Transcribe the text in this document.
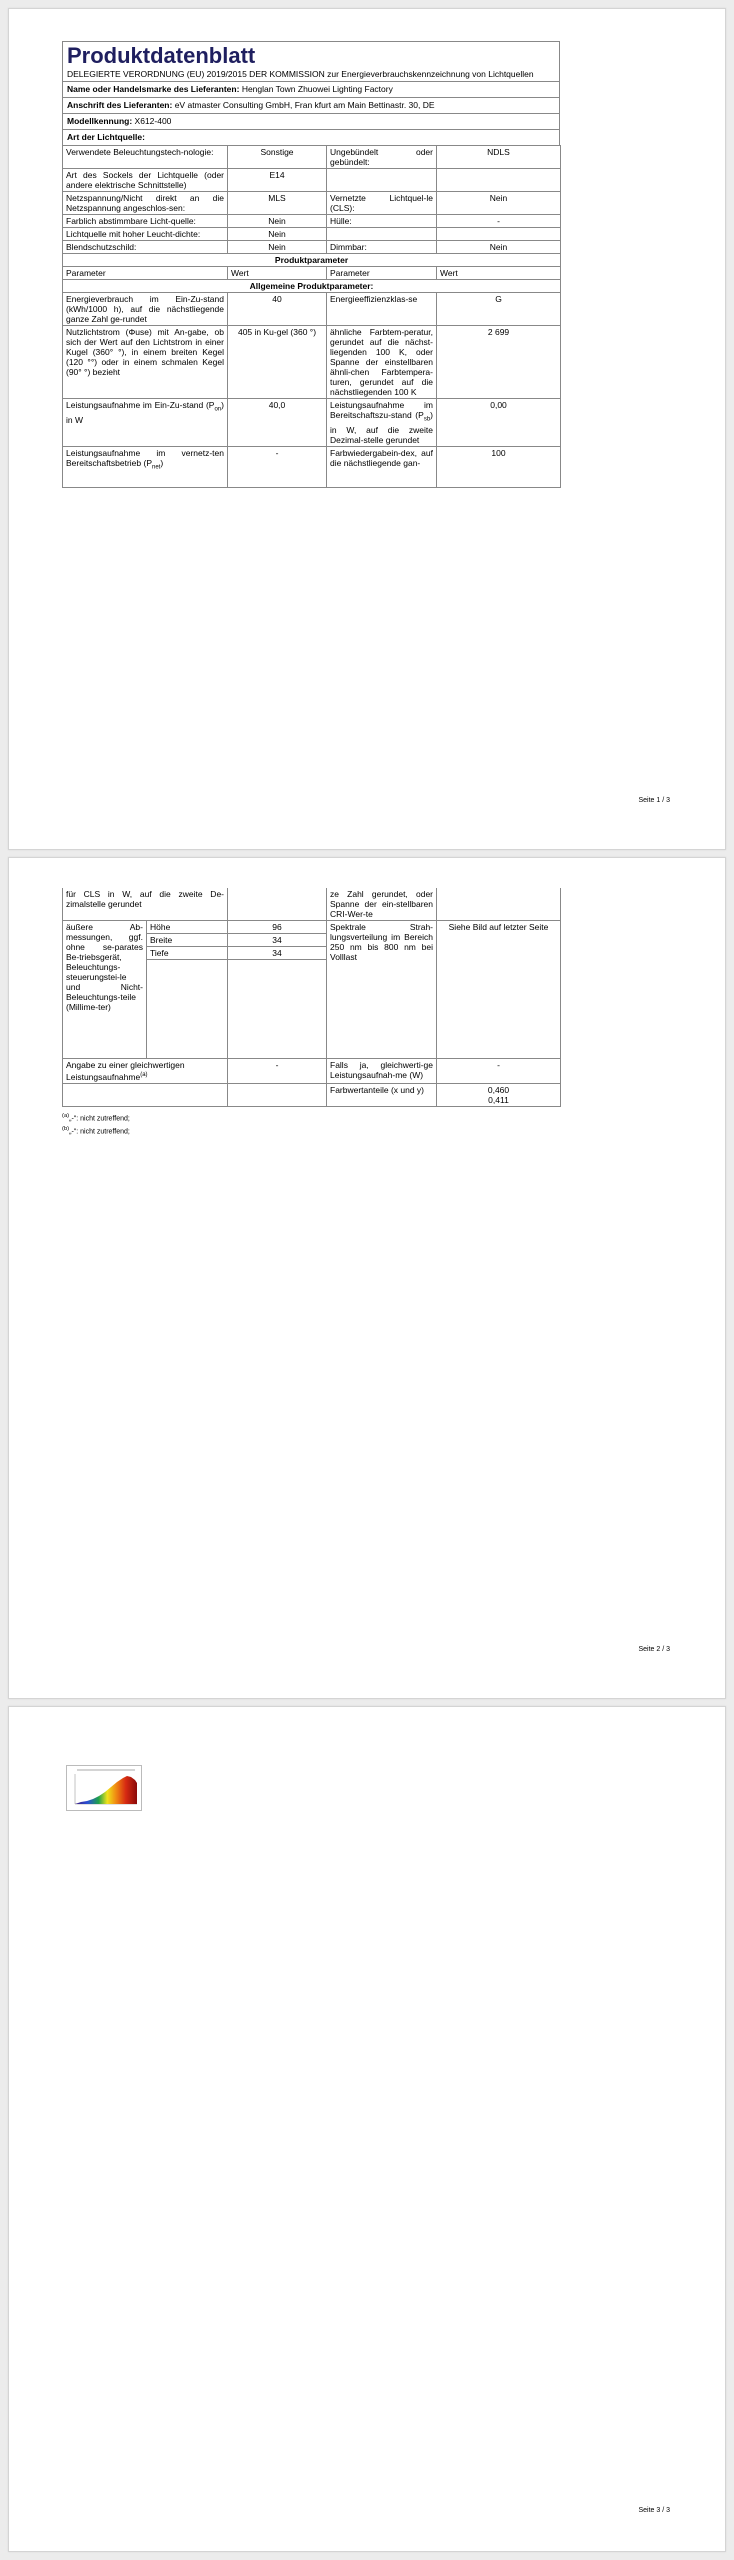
Produktdatenblatt
DELEGIERTE VERORDNUNG (EU) 2019/2015 DER KOMMISSION zur Energieverbrauchskennzeichnung von Lichtquellen
Name oder Handelsmarke des Lieferanten: Henglan Town Zhuowei Lighting Factory
Anschrift des Lieferanten: eV atmaster Consulting GmbH, Fran kfurt am Main Bettinastr. 30, DE
Modellkennung: X612-400
Art der Lichtquelle:
Verwendete Beleuchtungstech-nologie:	Sonstige	Ungebündelt oder gebündelt:	NDLS
Art des Sockels der Lichtquelle (oder andere elektrische Schnittstelle)	E14		
Netzspannung/Nicht direkt an die Netzspannung angeschlos-sen:	MLS	Vernetzte Lichtquel-le (CLS):	Nein
Farblich abstimmbare Licht-quelle:	Nein	Hülle:	-
Lichtquelle mit hoher Leucht-dichte:	Nein		
Blendschutzschild:	Nein	Dimmbar:	Nein
Produktparameter			
Parameter	Wert	Parameter	Wert
Allgemeine Produktparameter:			
Energieverbrauch im Ein-Zu-stand (kWh/1000 h), auf die nächstliegende ganze Zahl ge-rundet	40	Energieeffizienzklas-se	G
Nutzlichtstrom (Φuse) mit An-gabe, ob sich der Wert auf den Lichtstrom in einer Kugel (360° °), in einem breiten Kegel (120 °°) oder in einem schmalen Kegel (90° °) bezieht	405 in Ku-gel (360 °)	ähnliche Farbtem-peratur, gerundet auf die nächst-liegenden 100 K, oder Spanne der einstellbaren ähnli-chen Farbtempera-turen, gerundet auf die nächstliegenden 100 K	2 699
Leistungsaufnahme im Ein-Zu-stand $(P_{on})$ in W	40,0	Leistungsaufnahme im Bereitschaftszu-stand $(P_{sb})$ in W, auf die zweite Dezimal-stelle gerundet	0,00
Leistungsaufnahme im vernetz-ten Bereitschaftsbetrieb $(P_{net})$	-	Farbwiedergabein-dex, auf die nächstliegende gan-	100
Seite 1 / 3
für CLS in W, auf die zweite De-zimalstelle gerundet			ze Zahl gerundet, oder Spanne der ein-stellbaren CRI-Wer-te	
äußere Ab-messungen, ggf. ohne se-parates Be-triebsgerät, Beleuchtungs-steuerungstei-le und Nicht-Beleuchtungs-teile (Millime-ter)	Höhe	96	Spektrale Strah-lungsverteilung im Bereich 250 nm bis 800 nm bei Volllast	Siehe Bild auf letzter Seite
	Breite	34		
	Tiefe	34		

Angabe zu einer gleichwertigen Leistungsaufnahme$^{(a)}$		-	Falls ja, gleichwerti-ge Leistungsaufnah-me (W)	-
			Farbwertanteile (x und y)	0,460
0,411
$^{(a)}$„-": nicht zutreffend;
$^{(b)}$„-": nicht zutreffend;
Seite 2 / 3
Seite 3 / 3
